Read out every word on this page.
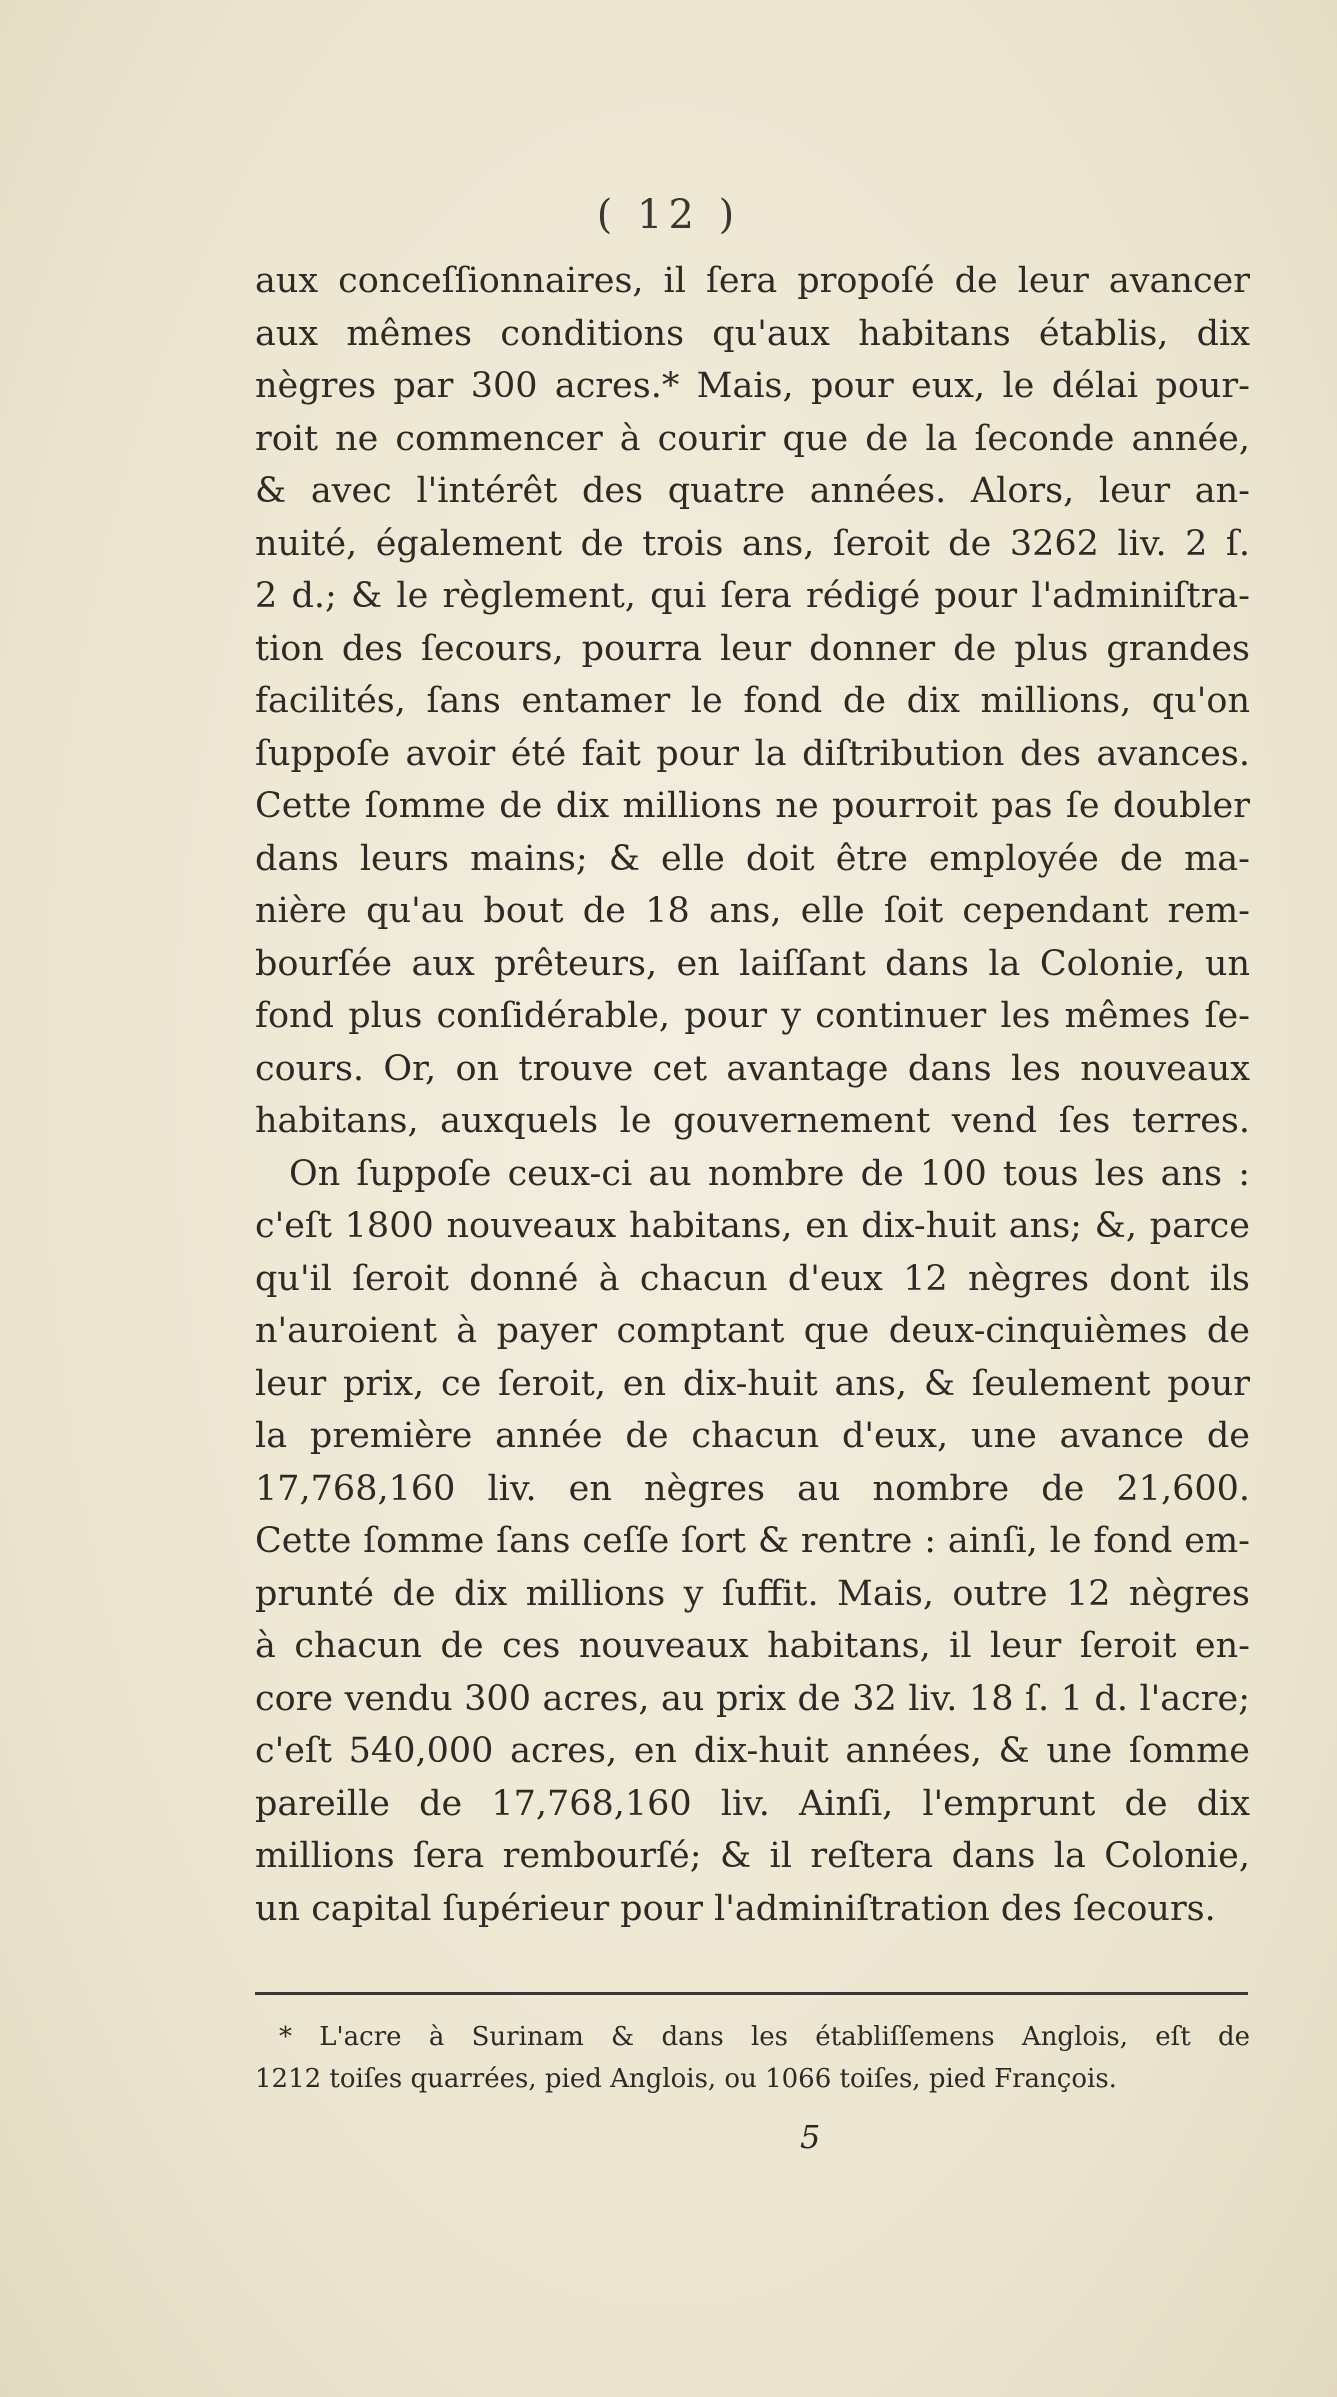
( 12 )
aux conceſſionnaires, il ſera propoſé de leur avancer
aux mêmes conditions qu'aux habitans établis, dix
nègres par 300 acres.* Mais, pour eux, le délai pour-
roit ne commencer à courir que de la ſeconde année,
& avec l'intérêt des quatre années. Alors, leur an-
nuité, également de trois ans, ſeroit de 3262 liv. 2 ſ.
2 d.; & le règlement, qui ſera rédigé pour l'adminiſtra-
tion des ſecours, pourra leur donner de plus grandes
facilités, ſans entamer le fond de dix millions, qu'on
ſuppoſe avoir été fait pour la diſtribution des avances.
Cette ſomme de dix millions ne pourroit pas ſe doubler
dans leurs mains; & elle doit être employée de ma-
nière qu'au bout de 18 ans, elle ſoit cependant rem-
bourſée aux prêteurs, en laiſſant dans la Colonie, un
fond plus conſidérable, pour y continuer les mêmes ſe-
cours. Or, on trouve cet avantage dans les nouveaux
habitans, auxquels le gouvernement vend ſes terres.
On ſuppoſe ceux-ci au nombre de 100 tous les ans :
c'eſt 1800 nouveaux habitans, en dix-huit ans; &, parce
qu'il ſeroit donné à chacun d'eux 12 nègres dont ils
n'auroient à payer comptant que deux-cinquièmes de
leur prix, ce ſeroit, en dix-huit ans, & ſeulement pour
la première année de chacun d'eux, une avance de
17,768,160 liv. en nègres au nombre de 21,600.
Cette ſomme ſans ceſſe ſort & rentre : ainſi, le fond em-
prunté de dix millions y ſuffit. Mais, outre 12 nègres
à chacun de ces nouveaux habitans, il leur ſeroit en-
core vendu 300 acres, au prix de 32 liv. 18 ſ. 1 d. l'acre;
c'eſt 540,000 acres, en dix-huit années, & une ſomme
pareille de 17,768,160 liv. Ainſi, l'emprunt de dix
millions ſera rembourſé; & il reſtera dans la Colonie,
un capital ſupérieur pour l'adminiſtration des ſecours.
* L'acre à Surinam & dans les établiſſemens Anglois, eſt de
1212 toiſes quarrées, pied Anglois, ou 1066 toiſes, pied François.
5
